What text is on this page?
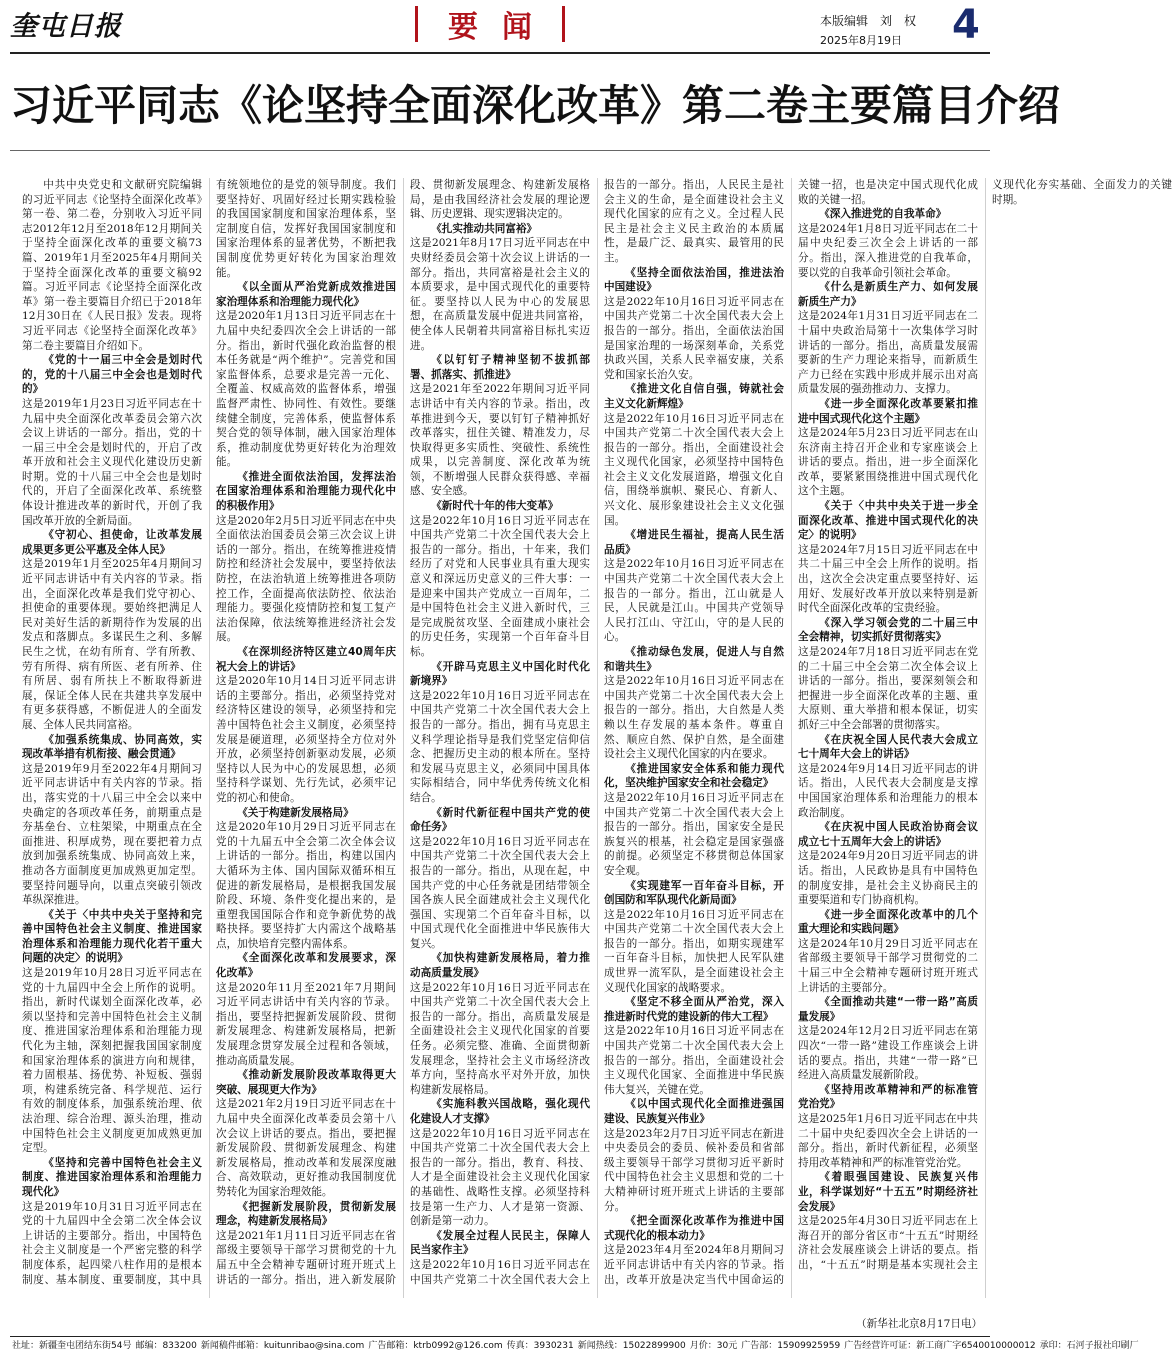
奎屯日报	要闻	本版编辑　刘　权
2025年8月19日 4
习近平同志《论坚持全面深化改革》第二卷主要篇目介绍

中共中央党史和文献研究院编辑的习近平同志《论坚持全面深化改革》第一卷、第二卷，分别收入习近平同志2012年12月至2018年12月期间关于坚持全面深化改革的重要文稿73篇、2019年1月至2025年4月期间关于坚持全面深化改革的重要文稿92篇。习近平同志《论坚持全面深化改革》第一卷主要篇目介绍已于2018年12月30日在《人民日报》发表。现将习近平同志《论坚持全面深化改革》第二卷主要篇目介绍如下。

《党的十一届三中全会是划时代的，党的十八届三中全会也是划时代的》
这是2019年1月23日习近平同志在十九届中央全面深化改革委员会第六次会议上讲话的一部分。指出，党的十一届三中全会是划时代的，开启了改革开放和社会主义现代化建设历史新时期。党的十八届三中全会也是划时代的，开启了全面深化改革、系统整体设计推进改革的新时代，开创了我国改革开放的全新局面。

《守初心、担使命，让改革发展成果更多更公平惠及全体人民》
这是2019年1月至2025年4月期间习近平同志讲话中有关内容的节录。指出，全面深化改革是我们党守初心、担使命的重要体现。要始终把满足人民对美好生活的新期待作为发展的出发点和落脚点。多谋民生之利、多解民生之忧，在幼有所育、学有所教、劳有所得、病有所医、老有所养、住有所居、弱有所扶上不断取得新进展，保证全体人民在共建共享发展中有更多获得感，不断促进人的全面发展、全体人民共同富裕。

《加强系统集成、协同高效，实现改革举措有机衔接、融会贯通》
这是2019年9月至2022年4月期间习近平同志讲话中有关内容的节录。指出，落实党的十八届三中全会以来中央确定的各项改革任务，前期重点是夯基垒台、立柱架梁，中期重点在全面推进、积厚成势，现在要把着力点放到加强系统集成、协同高效上来，推动各方面制度更加成熟更加定型。要坚持问题导向，以重点突破引领改革纵深推进。

《关于〈中共中央关于坚持和完善中国特色社会主义制度、推进国家治理体系和治理能力现代化若干重大问题的决定〉的说明》
这是2019年10月28日习近平同志在党的十九届四中全会上所作的说明。指出，新时代谋划全面深化改革，必须以坚持和完善中国特色社会主义制度、推进国家治理体系和治理能力现代化为主轴，深刻把握我国国家制度和国家治理体系的演进方向和规律，着力固根基、扬优势、补短板、强弱项，构建系统完备、科学规范、运行有效的制度体系，加强系统治理、依法治理、综合治理、源头治理，推动中国特色社会主义制度更加成熟更加定型。

《坚持和完善中国特色社会主义制度、推进国家治理体系和治理能力现代化》
这是2019年10月31日习近平同志在党的十九届四中全会第二次全体会议上讲话的主要部分。指出，中国特色社会主义制度是一个严密完整的科学制度体系，起四梁八柱作用的是根本制度、基本制度、重要制度，其中具有统领地位的是党的领导制度。我们要坚持好、巩固好经过长期实践检验的我国国家制度和国家治理体系，坚定制度自信，发挥好我国国家制度和国家治理体系的显著优势，不断把我国制度优势更好转化为国家治理效能。

《以全面从严治党新成效推进国家治理体系和治理能力现代化》
这是2020年1月13日习近平同志在十九届中央纪委四次全会上讲话的一部分。指出，新时代强化政治监督的根本任务就是“两个维护”。完善党和国家监督体系，总要求是完善一元化、全覆盖、权威高效的监督体系，增强监督严肃性、协同性、有效性。要继续健全制度，完善体系，使监督体系契合党的领导体制，融入国家治理体系，推动制度优势更好转化为治理效能。

《推进全面依法治国，发挥法治在国家治理体系和治理能力现代化中的积极作用》
这是2020年2月5日习近平同志在中央全面依法治国委员会第三次会议上讲话的一部分。指出，在统筹推进疫情防控和经济社会发展中，要坚持依法防控，在法治轨道上统筹推进各项防控工作，全面提高依法防控、依法治理能力。要强化疫情防控和复工复产法治保障，依法统筹推进经济社会发展。

《在深圳经济特区建立40周年庆祝大会上的讲话》
这是2020年10月14日习近平同志讲话的主要部分。指出，必须坚持党对经济特区建设的领导，必须坚持和完善中国特色社会主义制度，必须坚持发展是硬道理，必须坚持全方位对外开放，必须坚持创新驱动发展，必须坚持以人民为中心的发展思想，必须坚持科学谋划、先行先试，必须牢记党的初心和使命。

《关于构建新发展格局》
这是2020年10月29日习近平同志在党的十九届五中全会第二次全体会议上讲话的一部分。指出，构建以国内大循环为主体、国内国际双循环相互促进的新发展格局，是根据我国发展阶段、环境、条件变化提出来的，是重塑我国国际合作和竞争新优势的战略抉择。要坚持扩大内需这个战略基点，加快培育完整内需体系。

《全面深化改革和发展要求，深化改革》
这是2020年11月至2021年7月期间习近平同志讲话中有关内容的节录。指出，要坚持把握新发展阶段、贯彻新发展理念、构建新发展格局，把新发展理念贯穿发展全过程和各领域，推动高质量发展。

《推动新发展阶段改革取得更大突破、展现更大作为》
这是2021年2月19日习近平同志在十九届中央全面深化改革委员会第十八次会议上讲话的要点。指出，要把握新发展阶段、贯彻新发展理念、构建新发展格局，推动改革和发展深度融合、高效联动，更好推动我国制度优势转化为国家治理效能。

《把握新发展阶段，贯彻新发展理念，构建新发展格局》
这是2021年1月11日习近平同志在省部级主要领导干部学习贯彻党的十九届五中全会精神专题研讨班开班式上讲话的一部分。指出，进入新发展阶段、贯彻新发展理念、构建新发展格局，是由我国经济社会发展的理论逻辑、历史逻辑、现实逻辑决定的。

《扎实推动共同富裕》
这是2021年8月17日习近平同志在中央财经委员会第十次会议上讲话的一部分。指出，共同富裕是社会主义的本质要求，是中国式现代化的重要特征。要坚持以人民为中心的发展思想，在高质量发展中促进共同富裕，使全体人民朝着共同富裕目标扎实迈进。

《以钉钉子精神坚韧不拔抓部署、抓落实、抓推进》
这是2021年至2022年期间习近平同志讲话中有关内容的节录。指出，改革推进到今天，要以钉钉子精神抓好改革落实，扭住关键、精准发力，尽快取得更多实质性、突破性、系统性成果，以完善制度、深化改革为统领，不断增强人民群众获得感、幸福感、安全感。

《新时代十年的伟大变革》
这是2022年10月16日习近平同志在中国共产党第二十次全国代表大会上报告的一部分。指出，十年来，我们经历了对党和人民事业具有重大现实意义和深远历史意义的三件大事：一是迎来中国共产党成立一百周年，二是中国特色社会主义进入新时代，三是完成脱贫攻坚、全面建成小康社会的历史任务，实现第一个百年奋斗目标。

《开辟马克思主义中国化时代化新境界》
这是2022年10月16日习近平同志在中国共产党第二十次全国代表大会上报告的一部分。指出，拥有马克思主义科学理论指导是我们党坚定信仰信念、把握历史主动的根本所在。坚持和发展马克思主义，必须同中国具体实际相结合，同中华优秀传统文化相结合。

《新时代新征程中国共产党的使命任务》
这是2022年10月16日习近平同志在中国共产党第二十次全国代表大会上报告的一部分。指出，从现在起，中国共产党的中心任务就是团结带领全国各族人民全面建成社会主义现代化强国、实现第二个百年奋斗目标，以中国式现代化全面推进中华民族伟大复兴。

《加快构建新发展格局，着力推动高质量发展》
这是2022年10月16日习近平同志在中国共产党第二十次全国代表大会上报告的一部分。指出，高质量发展是全面建设社会主义现代化国家的首要任务。必须完整、准确、全面贯彻新发展理念，坚持社会主义市场经济改革方向，坚持高水平对外开放，加快构建新发展格局。

《实施科教兴国战略，强化现代化建设人才支撑》
这是2022年10月16日习近平同志在中国共产党第二十次全国代表大会上报告的一部分。指出，教育、科技、人才是全面建设社会主义现代化国家的基础性、战略性支撑。必须坚持科技是第一生产力、人才是第一资源、创新是第一动力。

《发展全过程人民民主，保障人民当家作主》
这是2022年10月16日习近平同志在中国共产党第二十次全国代表大会上报告的一部分。指出，人民民主是社会主义的生命，是全面建设社会主义现代化国家的应有之义。全过程人民民主是社会主义民主政治的本质属性，是最广泛、最真实、最管用的民主。

《坚持全面依法治国，推进法治中国建设》
这是2022年10月16日习近平同志在中国共产党第二十次全国代表大会上报告的一部分。指出，全面依法治国是国家治理的一场深刻革命，关系党执政兴国，关系人民幸福安康，关系党和国家长治久安。

《推进文化自信自强，铸就社会主义文化新辉煌》
这是2022年10月16日习近平同志在中国共产党第二十次全国代表大会上报告的一部分。指出，全面建设社会主义现代化国家，必须坚持中国特色社会主义文化发展道路，增强文化自信，围绕举旗帜、聚民心、育新人、兴文化、展形象建设社会主义文化强国。

《增进民生福祉，提高人民生活品质》
这是2022年10月16日习近平同志在中国共产党第二十次全国代表大会上报告的一部分。指出，江山就是人民，人民就是江山。中国共产党领导人民打江山、守江山，守的是人民的心。

《推动绿色发展，促进人与自然和谐共生》
这是2022年10月16日习近平同志在中国共产党第二十次全国代表大会上报告的一部分。指出，大自然是人类赖以生存发展的基本条件。尊重自然、顺应自然、保护自然，是全面建设社会主义现代化国家的内在要求。

《推进国家安全体系和能力现代化，坚决维护国家安全和社会稳定》
这是2022年10月16日习近平同志在中国共产党第二十次全国代表大会上报告的一部分。指出，国家安全是民族复兴的根基，社会稳定是国家强盛的前提。必须坚定不移贯彻总体国家安全观。

《实现建军一百年奋斗目标，开创国防和军队现代化新局面》
这是2022年10月16日习近平同志在中国共产党第二十次全国代表大会上报告的一部分。指出，如期实现建军一百年奋斗目标，加快把人民军队建成世界一流军队，是全面建设社会主义现代化国家的战略要求。

《坚定不移全面从严治党，深入推进新时代党的建设新的伟大工程》
这是2022年10月16日习近平同志在中国共产党第二十次全国代表大会上报告的一部分。指出，全面建设社会主义现代化国家、全面推进中华民族伟大复兴，关键在党。

《以中国式现代化全面推进强国建设、民族复兴伟业》
这是2023年2月7日习近平同志在新进中央委员会的委员、候补委员和省部级主要领导干部学习贯彻习近平新时代中国特色社会主义思想和党的二十大精神研讨班开班式上讲话的主要部分。

《把全面深化改革作为推进中国式现代化的根本动力》
这是2023年4月至2024年8月期间习近平同志讲话中有关内容的节录。指出，改革开放是决定当代中国命运的关键一招，也是决定中国式现代化成败的关键一招。

《深入推进党的自我革命》
这是2024年1月8日习近平同志在二十届中央纪委三次全会上讲话的一部分。指出，深入推进党的自我革命，要以党的自我革命引领社会革命。

《什么是新质生产力、如何发展新质生产力》
这是2024年1月31日习近平同志在二十届中央政治局第十一次集体学习时讲话的一部分。指出，高质量发展需要新的生产力理论来指导，而新质生产力已经在实践中形成并展示出对高质量发展的强劲推动力、支撑力。

《进一步全面深化改革要紧扣推进中国式现代化这个主题》
这是2024年5月23日习近平同志在山东济南主持召开企业和专家座谈会上讲话的要点。指出，进一步全面深化改革，要紧紧围绕推进中国式现代化这个主题。

《关于〈中共中央关于进一步全面深化改革、推进中国式现代化的决定〉的说明》
这是2024年7月15日习近平同志在中共二十届三中全会上所作的说明。指出，这次全会决定重点要坚持好、运用好、发展好改革开放以来特别是新时代全面深化改革的宝贵经验。

《深入学习领会党的二十届三中全会精神，切实抓好贯彻落实》
这是2024年7月18日习近平同志在党的二十届三中全会第二次全体会议上讲话的一部分。指出，要深刻领会和把握进一步全面深化改革的主题、重大原则、重大举措和根本保证，切实抓好三中全会部署的贯彻落实。

《在庆祝全国人民代表大会成立七十周年大会上的讲话》
这是2024年9月14日习近平同志的讲话。指出，人民代表大会制度是支撑中国国家治理体系和治理能力的根本政治制度。

《在庆祝中国人民政治协商会议成立七十五周年大会上的讲话》
这是2024年9月20日习近平同志的讲话。指出，人民政协是具有中国特色的制度安排，是社会主义协商民主的重要渠道和专门协商机构。

《进一步全面深化改革中的几个重大理论和实践问题》
这是2024年10月29日习近平同志在省部级主要领导干部学习贯彻党的二十届三中全会精神专题研讨班开班式上讲话的主要部分。

《全面推动共建“一带一路”高质量发展》
这是2024年12月2日习近平同志在第四次“一带一路”建设工作座谈会上讲话的要点。指出，共建“一带一路”已经进入高质量发展新阶段。

《坚持用改革精神和严的标准管党治党》
这是2025年1月6日习近平同志在中共二十届中央纪委四次全会上讲话的一部分。指出，新时代新征程，必须坚持用改革精神和严的标准管党治党。

《着眼强国建设、民族复兴伟业，科学谋划好“十五五”时期经济社会发展》
这是2025年4月30日习近平同志在上海召开的部分省区市“十五五”时期经济社会发展座谈会上讲话的要点。指出，“十五五”时期是基本实现社会主义现代化夯实基础、全面发力的关键时期。

（新华社北京8月17日电）
社址：新疆奎屯团结东街54号 邮编：833200 新闻稿件邮箱：kuitunribao@sina.com 广告邮箱：ktrb0992@126.com 传真：3930231 新闻热线：15022899900 月价：30元 广告部：15909925959 广告经营许可证：新工商广字6540010000012 承印：石河子报社印刷厂
